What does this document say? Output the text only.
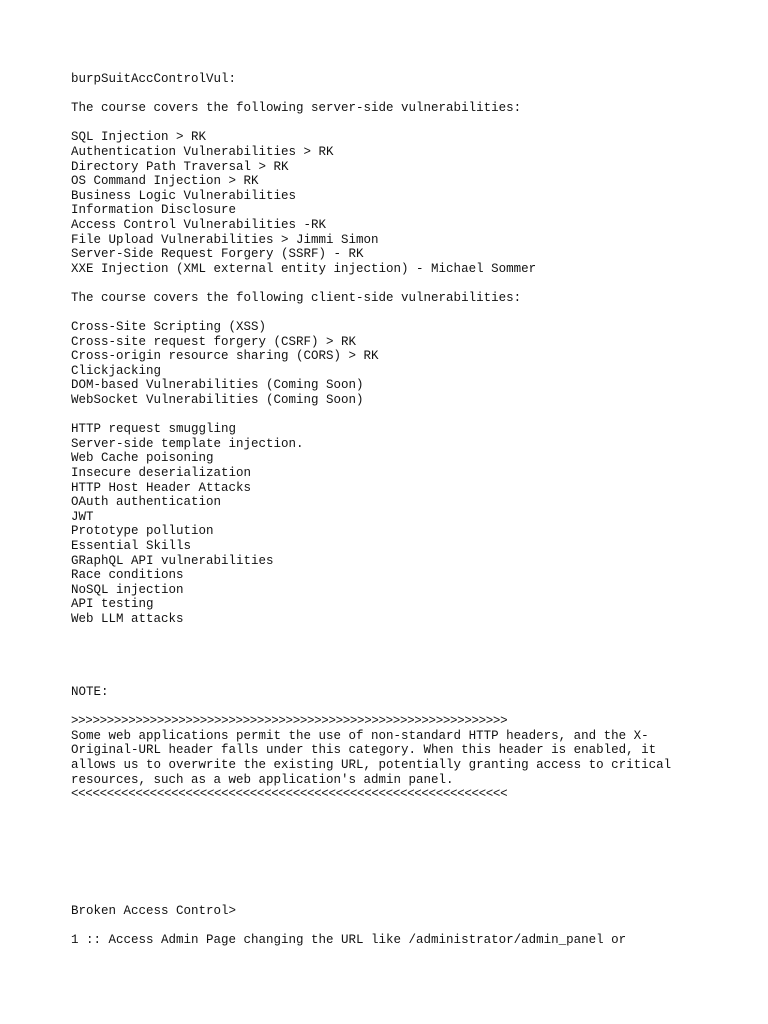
burpSuitAccControlVul:
The course covers the following server-side vulnerabilities:
SQL Injection > RK
Authentication Vulnerabilities > RK
Directory Path Traversal > RK
OS Command Injection > RK
Business Logic Vulnerabilities
Information Disclosure
Access Control Vulnerabilities -RK
File Upload Vulnerabilities > Jimmi Simon
Server-Side Request Forgery (SSRF) - RK
XXE Injection (XML external entity injection) - Michael Sommer
The course covers the following client-side vulnerabilities:
Cross-Site Scripting (XSS)
Cross-site request forgery (CSRF) > RK
Cross-origin resource sharing (CORS) > RK
Clickjacking
DOM-based Vulnerabilities (Coming Soon)
WebSocket Vulnerabilities (Coming Soon)
HTTP request smuggling
Server-side template injection.
Web Cache poisoning
Insecure deserialization
HTTP Host Header Attacks
OAuth authentication
JWT
Prototype pollution
Essential Skills
GRaphQL API vulnerabilities
Race conditions
NoSQL injection
API testing
Web LLM attacks
NOTE:
>>>>>>>>>>>>>>>>>>>>>>>>>>>>>>>>>>>>>>>>>>>>>>>>>>>>>>>>>>>>>
Some web applications permit the use of non-standard HTTP headers, and the X-
Original-URL header falls under this category. When this header is enabled, it
allows us to overwrite the existing URL, potentially granting access to critical
resources, such as a web application's admin panel.
<<<<<<<<<<<<<<<<<<<<<<<<<<<<<<<<<<<<<<<<<<<<<<<<<<<<<<<<<<<<<
Broken Access Control>
1 :: Access Admin Page changing the URL like /administrator/admin_panel or
